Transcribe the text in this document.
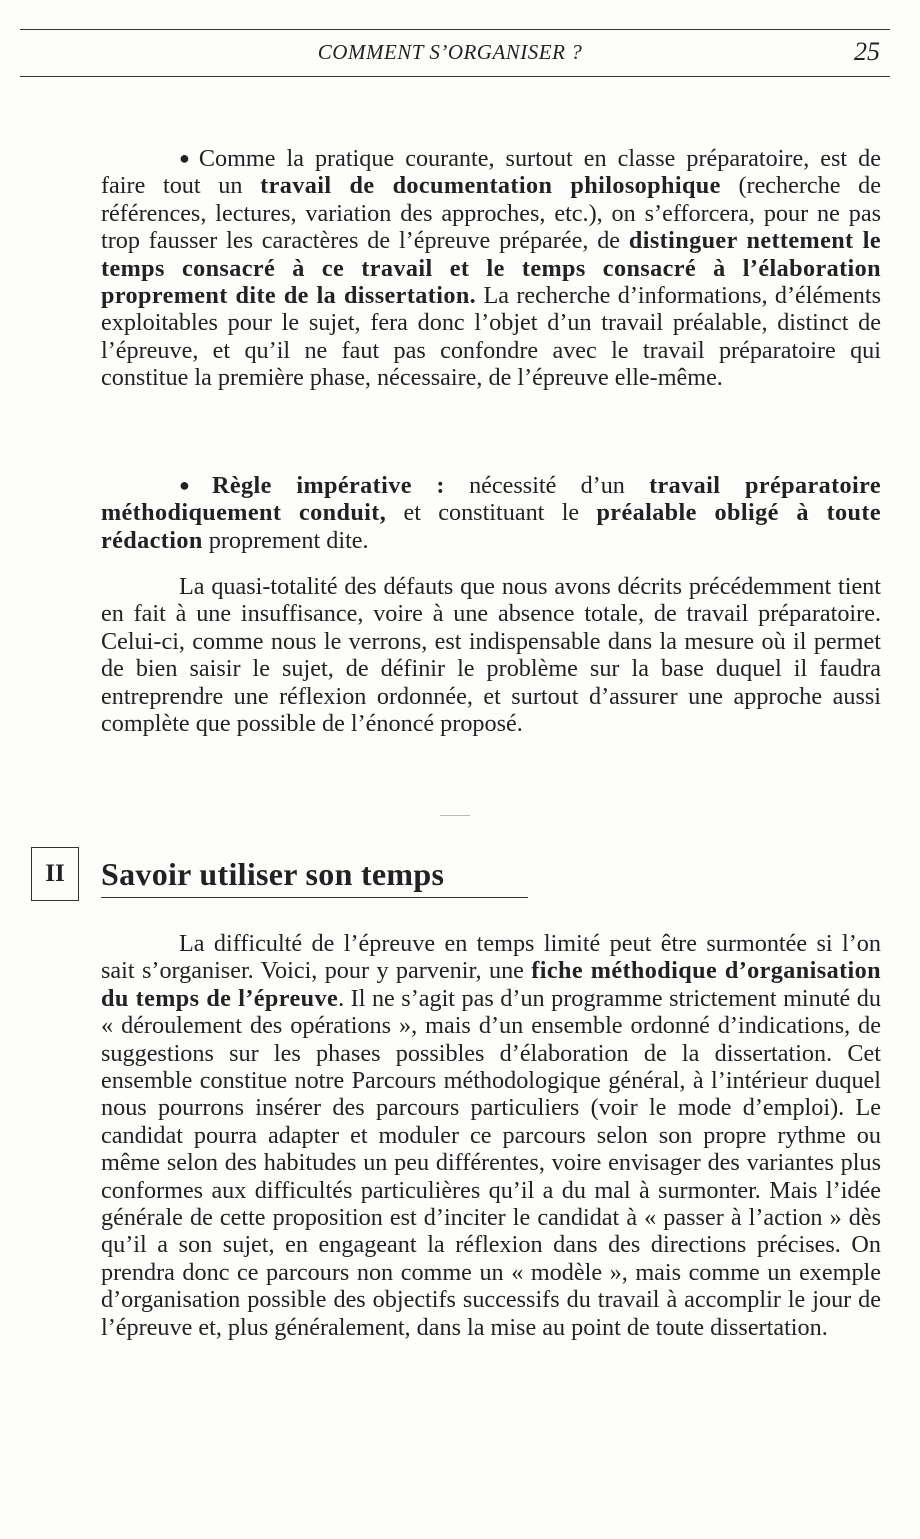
COMMENT S’ORGANISER ?	25

● Comme la pratique courante, surtout en classe préparatoire, est de faire tout un travail de documentation philosophique (recherche de références, lectures, variation des approches, etc.), on s’efforcera, pour ne pas trop fausser les caractères de l’épreuve préparée, de distinguer nettement le temps consacré à ce travail et le temps consacré à l’élaboration proprement dite de la dissertation. La recherche d’informations, d’éléments exploitables pour le sujet, fera donc l’objet d’un travail préalable, distinct de l’épreuve, et qu’il ne faut pas confondre avec le travail préparatoire qui constitue la première phase, nécessaire, de l’épreuve elle-même.

● Règle impérative : nécessité d’un travail préparatoire méthodiquement conduit, et constituant le préalable obligé à toute rédaction proprement dite.

La quasi-totalité des défauts que nous avons décrits précédemment tient en fait à une insuffisance, voire à une absence totale, de travail préparatoire. Celui-ci, comme nous le verrons, est indispensable dans la mesure où il permet de bien saisir le sujet, de définir le problème sur la base duquel il faudra entreprendre une réflexion ordonnée, et surtout d’assurer une approche aussi complète que possible de l’énoncé proposé.

II	Savoir utiliser son temps

La difficulté de l’épreuve en temps limité peut être surmontée si l’on sait s’organiser. Voici, pour y parvenir, une fiche méthodique d’organisation du temps de l’épreuve. Il ne s’agit pas d’un programme strictement minuté du « déroulement des opérations », mais d’un ensemble ordonné d’indications, de suggestions sur les phases possibles d’élaboration de la dissertation. Cet ensemble constitue notre Parcours méthodologique général, à l’intérieur duquel nous pourrons insérer des parcours particuliers (voir le mode d’emploi). Le candidat pourra adapter et moduler ce parcours selon son propre rythme ou même selon des habitudes un peu différentes, voire envisager des variantes plus conformes aux difficultés particulières qu’il a du mal à surmonter. Mais l’idée générale de cette proposition est d’inciter le candidat à « passer à l’action » dès qu’il a son sujet, en engageant la réflexion dans des directions précises. On prendra donc ce parcours non comme un « modèle », mais comme un exemple d’organisation possible des objectifs successifs du travail à accomplir le jour de l’épreuve et, plus généralement, dans la mise au point de toute dissertation.
